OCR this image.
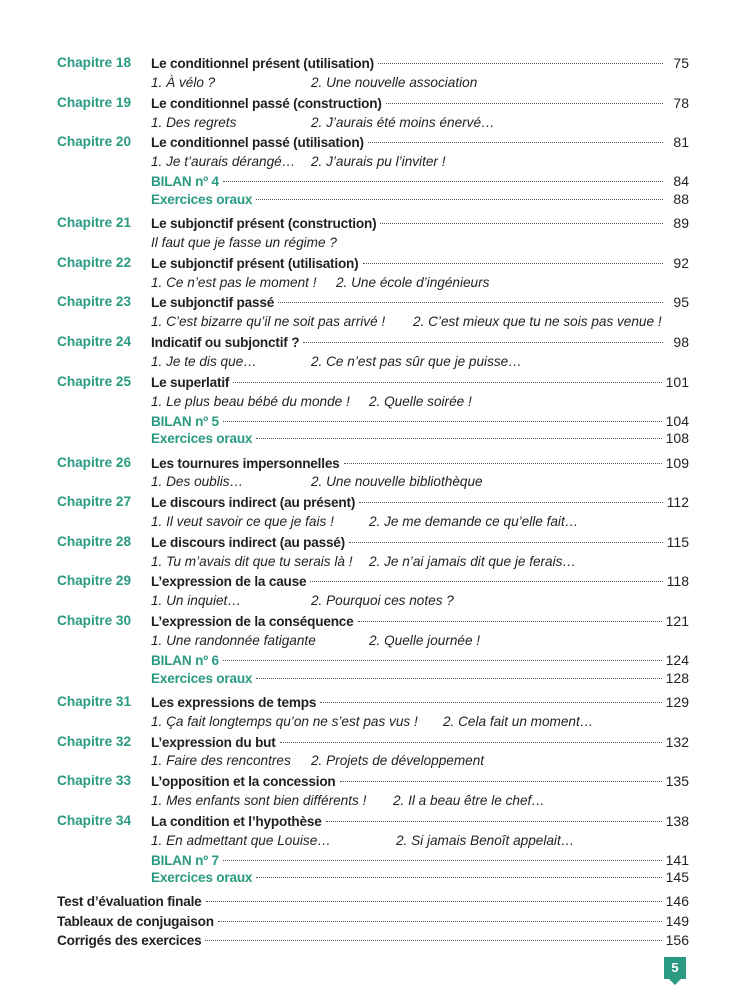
Chapitre 18 Le conditionnel présent (utilisation)	75
1. À vélo ?	2. Une nouvelle association
Chapitre 19 Le conditionnel passé (construction)	78
1. Des regrets	2. J’aurais été moins énervé…
Chapitre 20 Le conditionnel passé (utilisation)	81
1. Je t’aurais dérangé… 2. J’aurais pu l’inviter !
BILAN nº 4	84
Exercices oraux	88
Chapitre 21 Le subjonctif présent (construction)	89
Il faut que je fasse un régime ?
Chapitre 22 Le subjonctif présent (utilisation)	92
1. Ce n’est pas le moment ! 2. Une école d’ingénieurs
Chapitre 23 Le subjonctif passé	95
1. C’est bizarre qu’il ne soit pas arrivé ! 2. C’est mieux que tu ne sois pas venue !
Chapitre 24 Indicatif ou subjonctif ?	98
1. Je te dis que…	2. Ce n’est pas sûr que je puisse…
Chapitre 25 Le superlatif	101
1. Le plus beau bébé du monde ! 2. Quelle soirée !
BILAN nº 5	104
Exercices oraux	108
Chapitre 26 Les tournures impersonnelles	109
1. Des oublis…	2. Une nouvelle bibliothèque
Chapitre 27 Le discours indirect (au présent)	112
1. Il veut savoir ce que je fais !	2. Je me demande ce qu’elle fait…
Chapitre 28 Le discours indirect (au passé)	115
1. Tu m’avais dit que tu serais là ! 2. Je n’ai jamais dit que je ferais…
Chapitre 29 L’expression de la cause	118
1. Un inquiet…	2. Pourquoi ces notes ?
Chapitre 30 L’expression de la conséquence	121
1. Une randonnée fatigante	2. Quelle journée !
BILAN nº 6	124
Exercices oraux	128
Chapitre 31 Les expressions de temps	129
1. Ça fait longtemps qu’on ne s’est pas vus ! 2. Cela fait un moment…
Chapitre 32 L’expression du but	132
1. Faire des rencontres 2. Projets de développement
Chapitre 33 L’opposition et la concession	135
1. Mes enfants sont bien différents ! 2. Il a beau être le chef…
Chapitre 34 La condition et l’hypothèse	138
1. En admettant que Louise…	2. Si jamais Benoît appelait…
BILAN nº 7	141
Exercices oraux	145
Test d’évaluation finale	146
Tableaux de conjugaison	149
Corrigés des exercices	156
5
